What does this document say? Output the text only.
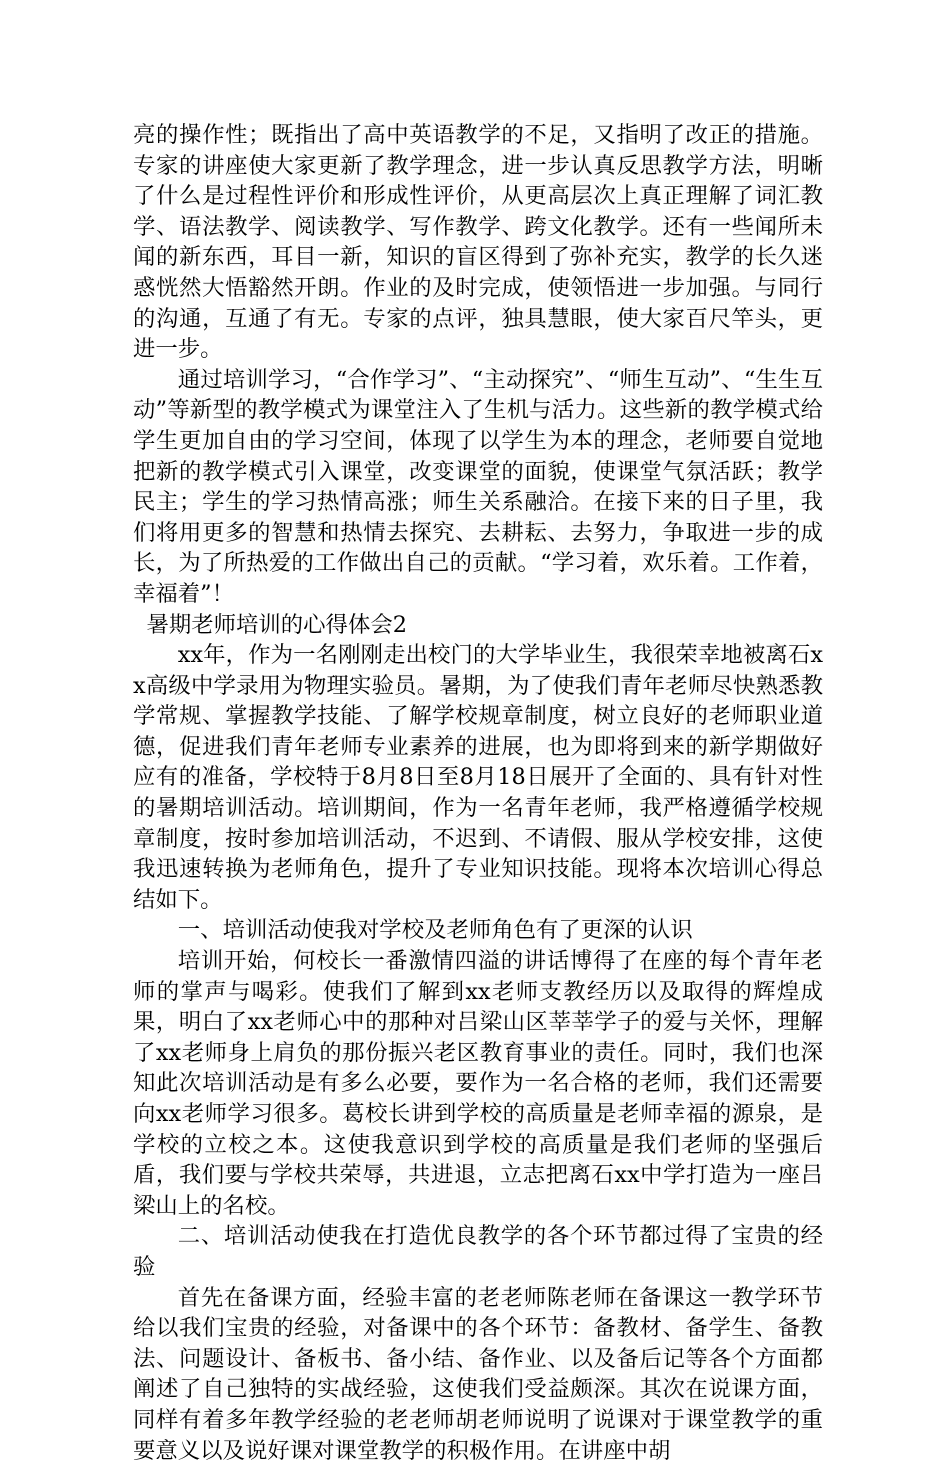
亮的操作性；既指出了高中英语教学的不足，又指明了改正的措施。专家的讲座使大家更新了教学理念，进一步认真反思教学方法，明晰了什么是过程性评价和形成性评价，从更高层次上真正理解了词汇教学、语法教学、阅读教学、写作教学、跨文化教学。还有一些闻所未闻的新东西，耳目一新，知识的盲区得到了弥补充实，教学的长久迷惑恍然大悟豁然开朗。作业的及时完成，使领悟进一步加强。与同行的沟通，互通了有无。专家的点评，独具慧眼，使大家百尺竿头，更进一步。

通过培训学习，“合作学习”、“主动探究”、“师生互动”、“生生互动”等新型的教学模式为课堂注入了生机与活力。这些新的教学模式给学生更加自由的学习空间，体现了以学生为本的理念，老师要自觉地把新的教学模式引入课堂，改变课堂的面貌，使课堂气氛活跃；教学民主；学生的学习热情高涨；师生关系融洽。在接下来的日子里，我们将用更多的智慧和热情去探究、去耕耘、去努力，争取进一步的成长，为了所热爱的工作做出自己的贡献。“学习着，欢乐着。工作着，幸福着”！

暑期老师培训的心得体会2

xx年，作为一名刚刚走出校门的大学毕业生，我很荣幸地被离石xx高级中学录用为物理实验员。暑期，为了使我们青年老师尽快熟悉教学常规、掌握教学技能、了解学校规章制度，树立良好的老师职业道德，促进我们青年老师专业素养的进展，也为即将到来的新学期做好应有的准备，学校特于8月8日至8月18日展开了全面的、具有针对性的暑期培训活动。培训期间，作为一名青年老师，我严格遵循学校规章制度，按时参加培训活动，不迟到、不请假、服从学校安排，这使我迅速转换为老师角色，提升了专业知识技能。现将本次培训心得总结如下。

一、培训活动使我对学校及老师角色有了更深的认识

培训开始，何校长一番激情四溢的讲话博得了在座的每个青年老师的掌声与喝彩。使我们了解到xx老师支教经历以及取得的辉煌成果，明白了xx老师心中的那种对吕梁山区莘莘学子的爱与关怀，理解了xx老师身上肩负的那份振兴老区教育事业的责任。同时，我们也深知此次培训活动是有多么必要，要作为一名合格的老师，我们还需要向xx老师学习很多。葛校长讲到学校的高质量是老师幸福的源泉，是学校的立校之本。这使我意识到学校的高质量是我们老师的坚强后盾，我们要与学校共荣辱，共进退，立志把离石xx中学打造为一座吕梁山上的名校。

二、培训活动使我在打造优良教学的各个环节都过得了宝贵的经验

首先在备课方面，经验丰富的老老师陈老师在备课这一教学环节给以我们宝贵的经验，对备课中的各个环节：备教材、备学生、备教法、问题设计、备板书、备小结、备作业、以及备后记等各个方面都阐述了自己独特的实战经验，这使我们受益颇深。其次在说课方面，同样有着多年教学经验的老老师胡老师说明了说课对于课堂教学的重要意义以及说好课对课堂教学的积极作用。在讲座中胡
